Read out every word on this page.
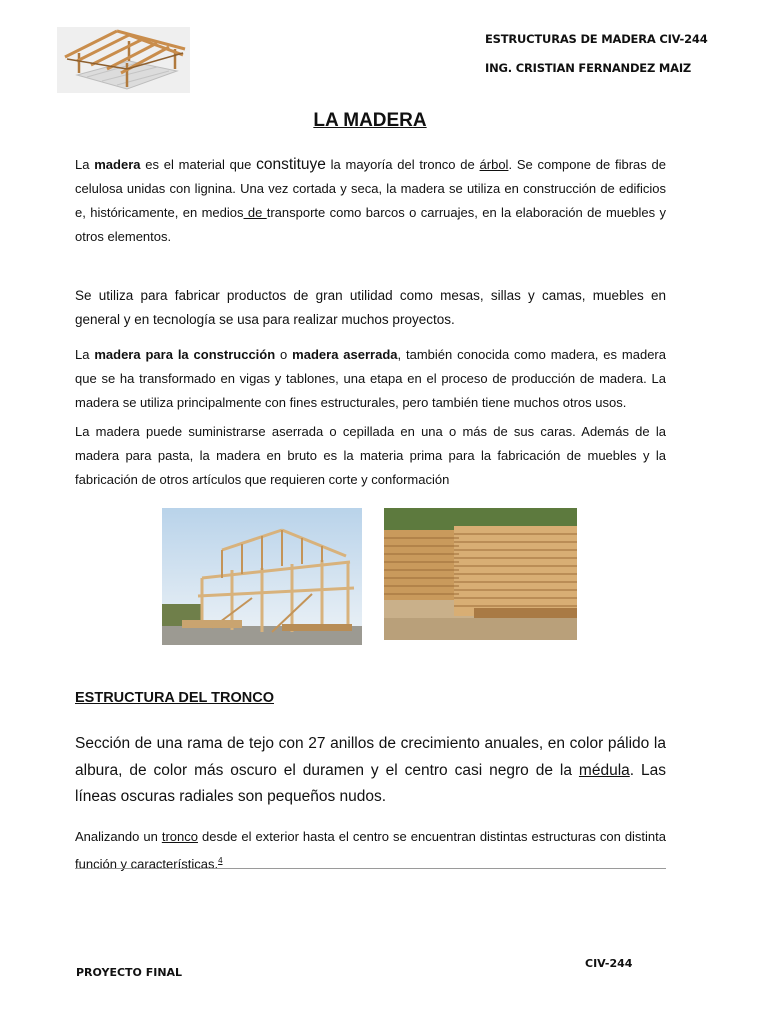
ESTRUCTURAS DE MADERA CIV-244
ING. CRISTIAN FERNANDEZ MAIZ
LA MADERA
La madera es el material que constituye la mayoría del tronco de árbol. Se compone de fibras de celulosa unidas con lignina. Una vez cortada y seca, la madera se utiliza en construcción de edificios e, históricamente, en medios de transporte como barcos o carruajes, en la elaboración de muebles y otros elementos.
Se utiliza para fabricar productos de gran utilidad como mesas, sillas y camas, muebles en general y en tecnología se usa para realizar muchos proyectos.
La madera para la construcción o madera aserrada, también conocida como madera, es madera que se ha transformado en vigas y tablones, una etapa en el proceso de producción de madera. La madera se utiliza principalmente con fines estructurales, pero también tiene muchos otros usos.
La madera puede suministrarse aserrada o cepillada en una o más de sus caras. Además de la madera para pasta, la madera en bruto es la materia prima para la fabricación de muebles y la fabricación de otros artículos que requieren corte y conformación
ESTRUCTURA DEL TRONCO
Sección de una rama de tejo con 27 anillos de crecimiento anuales, en color pálido la albura, de color más oscuro el duramen y el centro casi negro de la médula. Las líneas oscuras radiales son pequeños nudos.
Analizando un tronco desde el exterior hasta el centro se encuentran distintas estructuras con distinta función y características.$^4$
CIV-244
PROYECTO FINAL
